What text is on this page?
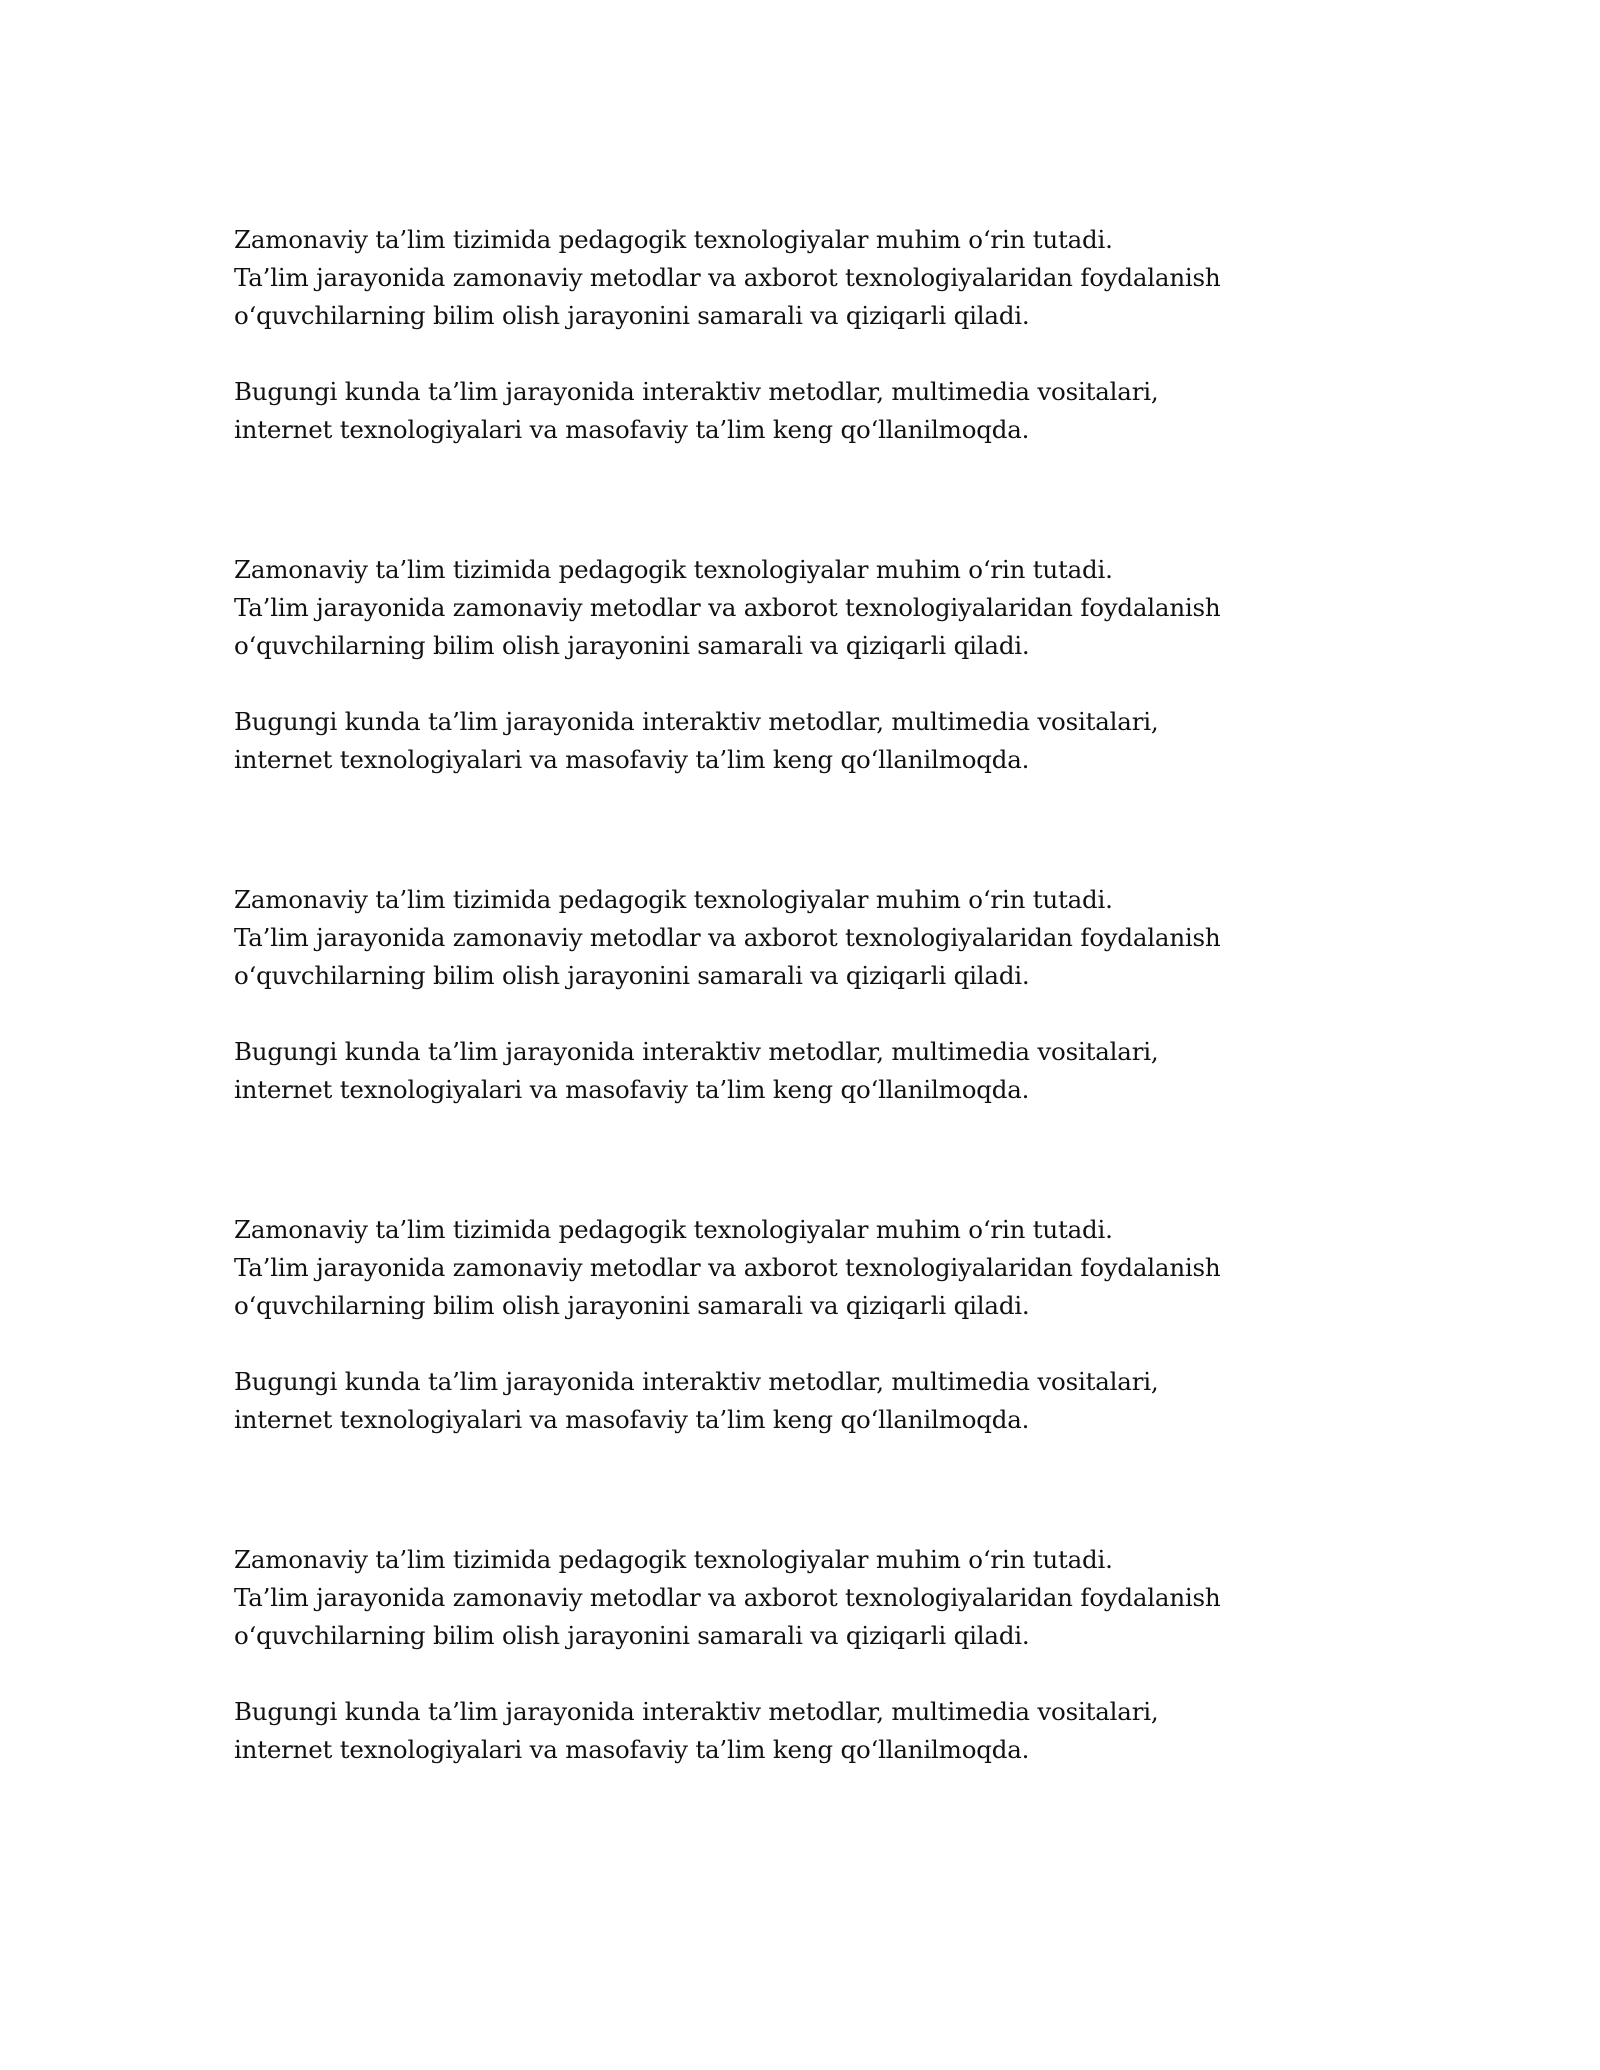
Zamonaviy ta’lim tizimida pedagogik texnologiyalar muhim o‘rin tutadi.
Ta’lim jarayonida zamonaviy metodlar va axborot texnologiyalaridan foydalanish
o‘quvchilarning bilim olish jarayonini samarali va qiziqarli qiladi.

Bugungi kunda ta’lim jarayonida interaktiv metodlar, multimedia vositalari,
internet texnologiyalari va masofaviy ta’lim keng qo‘llanilmoqda.

Zamonaviy ta’lim tizimida pedagogik texnologiyalar muhim o‘rin tutadi.
Ta’lim jarayonida zamonaviy metodlar va axborot texnologiyalaridan foydalanish
o‘quvchilarning bilim olish jarayonini samarali va qiziqarli qiladi.

Bugungi kunda ta’lim jarayonida interaktiv metodlar, multimedia vositalari,
internet texnologiyalari va masofaviy ta’lim keng qo‘llanilmoqda.

Zamonaviy ta’lim tizimida pedagogik texnologiyalar muhim o‘rin tutadi.
Ta’lim jarayonida zamonaviy metodlar va axborot texnologiyalaridan foydalanish
o‘quvchilarning bilim olish jarayonini samarali va qiziqarli qiladi.

Bugungi kunda ta’lim jarayonida interaktiv metodlar, multimedia vositalari,
internet texnologiyalari va masofaviy ta’lim keng qo‘llanilmoqda.

Zamonaviy ta’lim tizimida pedagogik texnologiyalar muhim o‘rin tutadi.
Ta’lim jarayonida zamonaviy metodlar va axborot texnologiyalaridan foydalanish
o‘quvchilarning bilim olish jarayonini samarali va qiziqarli qiladi.

Bugungi kunda ta’lim jarayonida interaktiv metodlar, multimedia vositalari,
internet texnologiyalari va masofaviy ta’lim keng qo‘llanilmoqda.

Zamonaviy ta’lim tizimida pedagogik texnologiyalar muhim o‘rin tutadi.
Ta’lim jarayonida zamonaviy metodlar va axborot texnologiyalaridan foydalanish
o‘quvchilarning bilim olish jarayonini samarali va qiziqarli qiladi.

Bugungi kunda ta’lim jarayonida interaktiv metodlar, multimedia vositalari,
internet texnologiyalari va masofaviy ta’lim keng qo‘llanilmoqda.
